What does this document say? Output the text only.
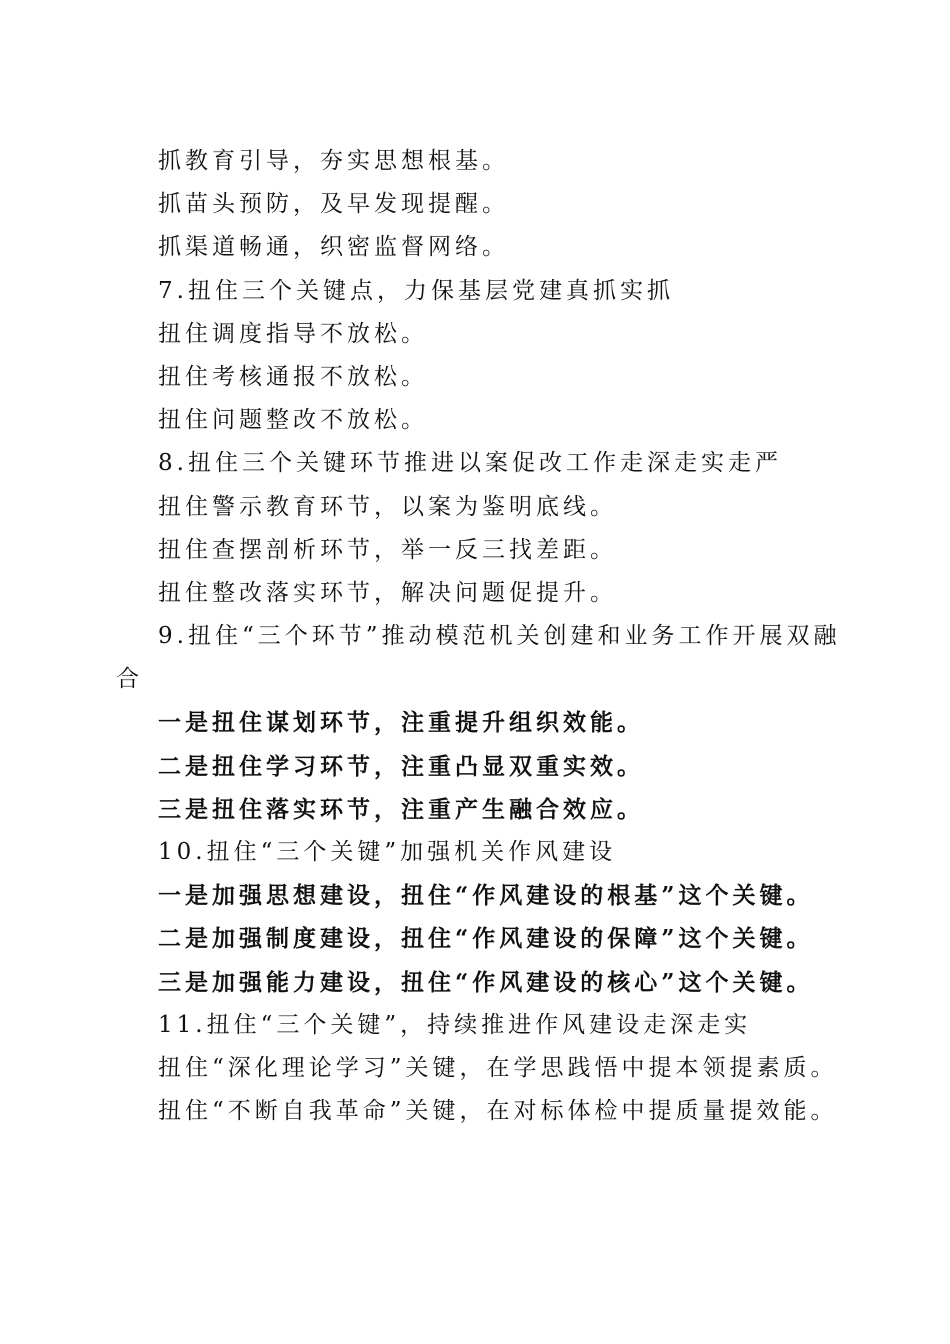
抓教育引导，夯实思想根基。
抓苗头预防，及早发现提醒。
抓渠道畅通，织密监督网络。
7.扭住三个关键点，力保基层党建真抓实抓
扭住调度指导不放松。
扭住考核通报不放松。
扭住问题整改不放松。
8.扭住三个关键环节推进以案促改工作走深走实走严
扭住警示教育环节，以案为鉴明底线。
扭住查摆剖析环节，举一反三找差距。
扭住整改落实环节，解决问题促提升。
9.扭住“三个环节”推动模范机关创建和业务工作开展双融
合
一是扭住谋划环节，注重提升组织效能。
二是扭住学习环节，注重凸显双重实效。
三是扭住落实环节，注重产生融合效应。
10.扭住“三个关键”加强机关作风建设
一是加强思想建设，扭住“作风建设的根基”这个关键。
二是加强制度建设，扭住“作风建设的保障”这个关键。
三是加强能力建设，扭住“作风建设的核心”这个关键。
11.扭住“三个关键”，持续推进作风建设走深走实
扭住“深化理论学习”关键，在学思践悟中提本领提素质。
扭住“不断自我革命”关键，在对标体检中提质量提效能。
